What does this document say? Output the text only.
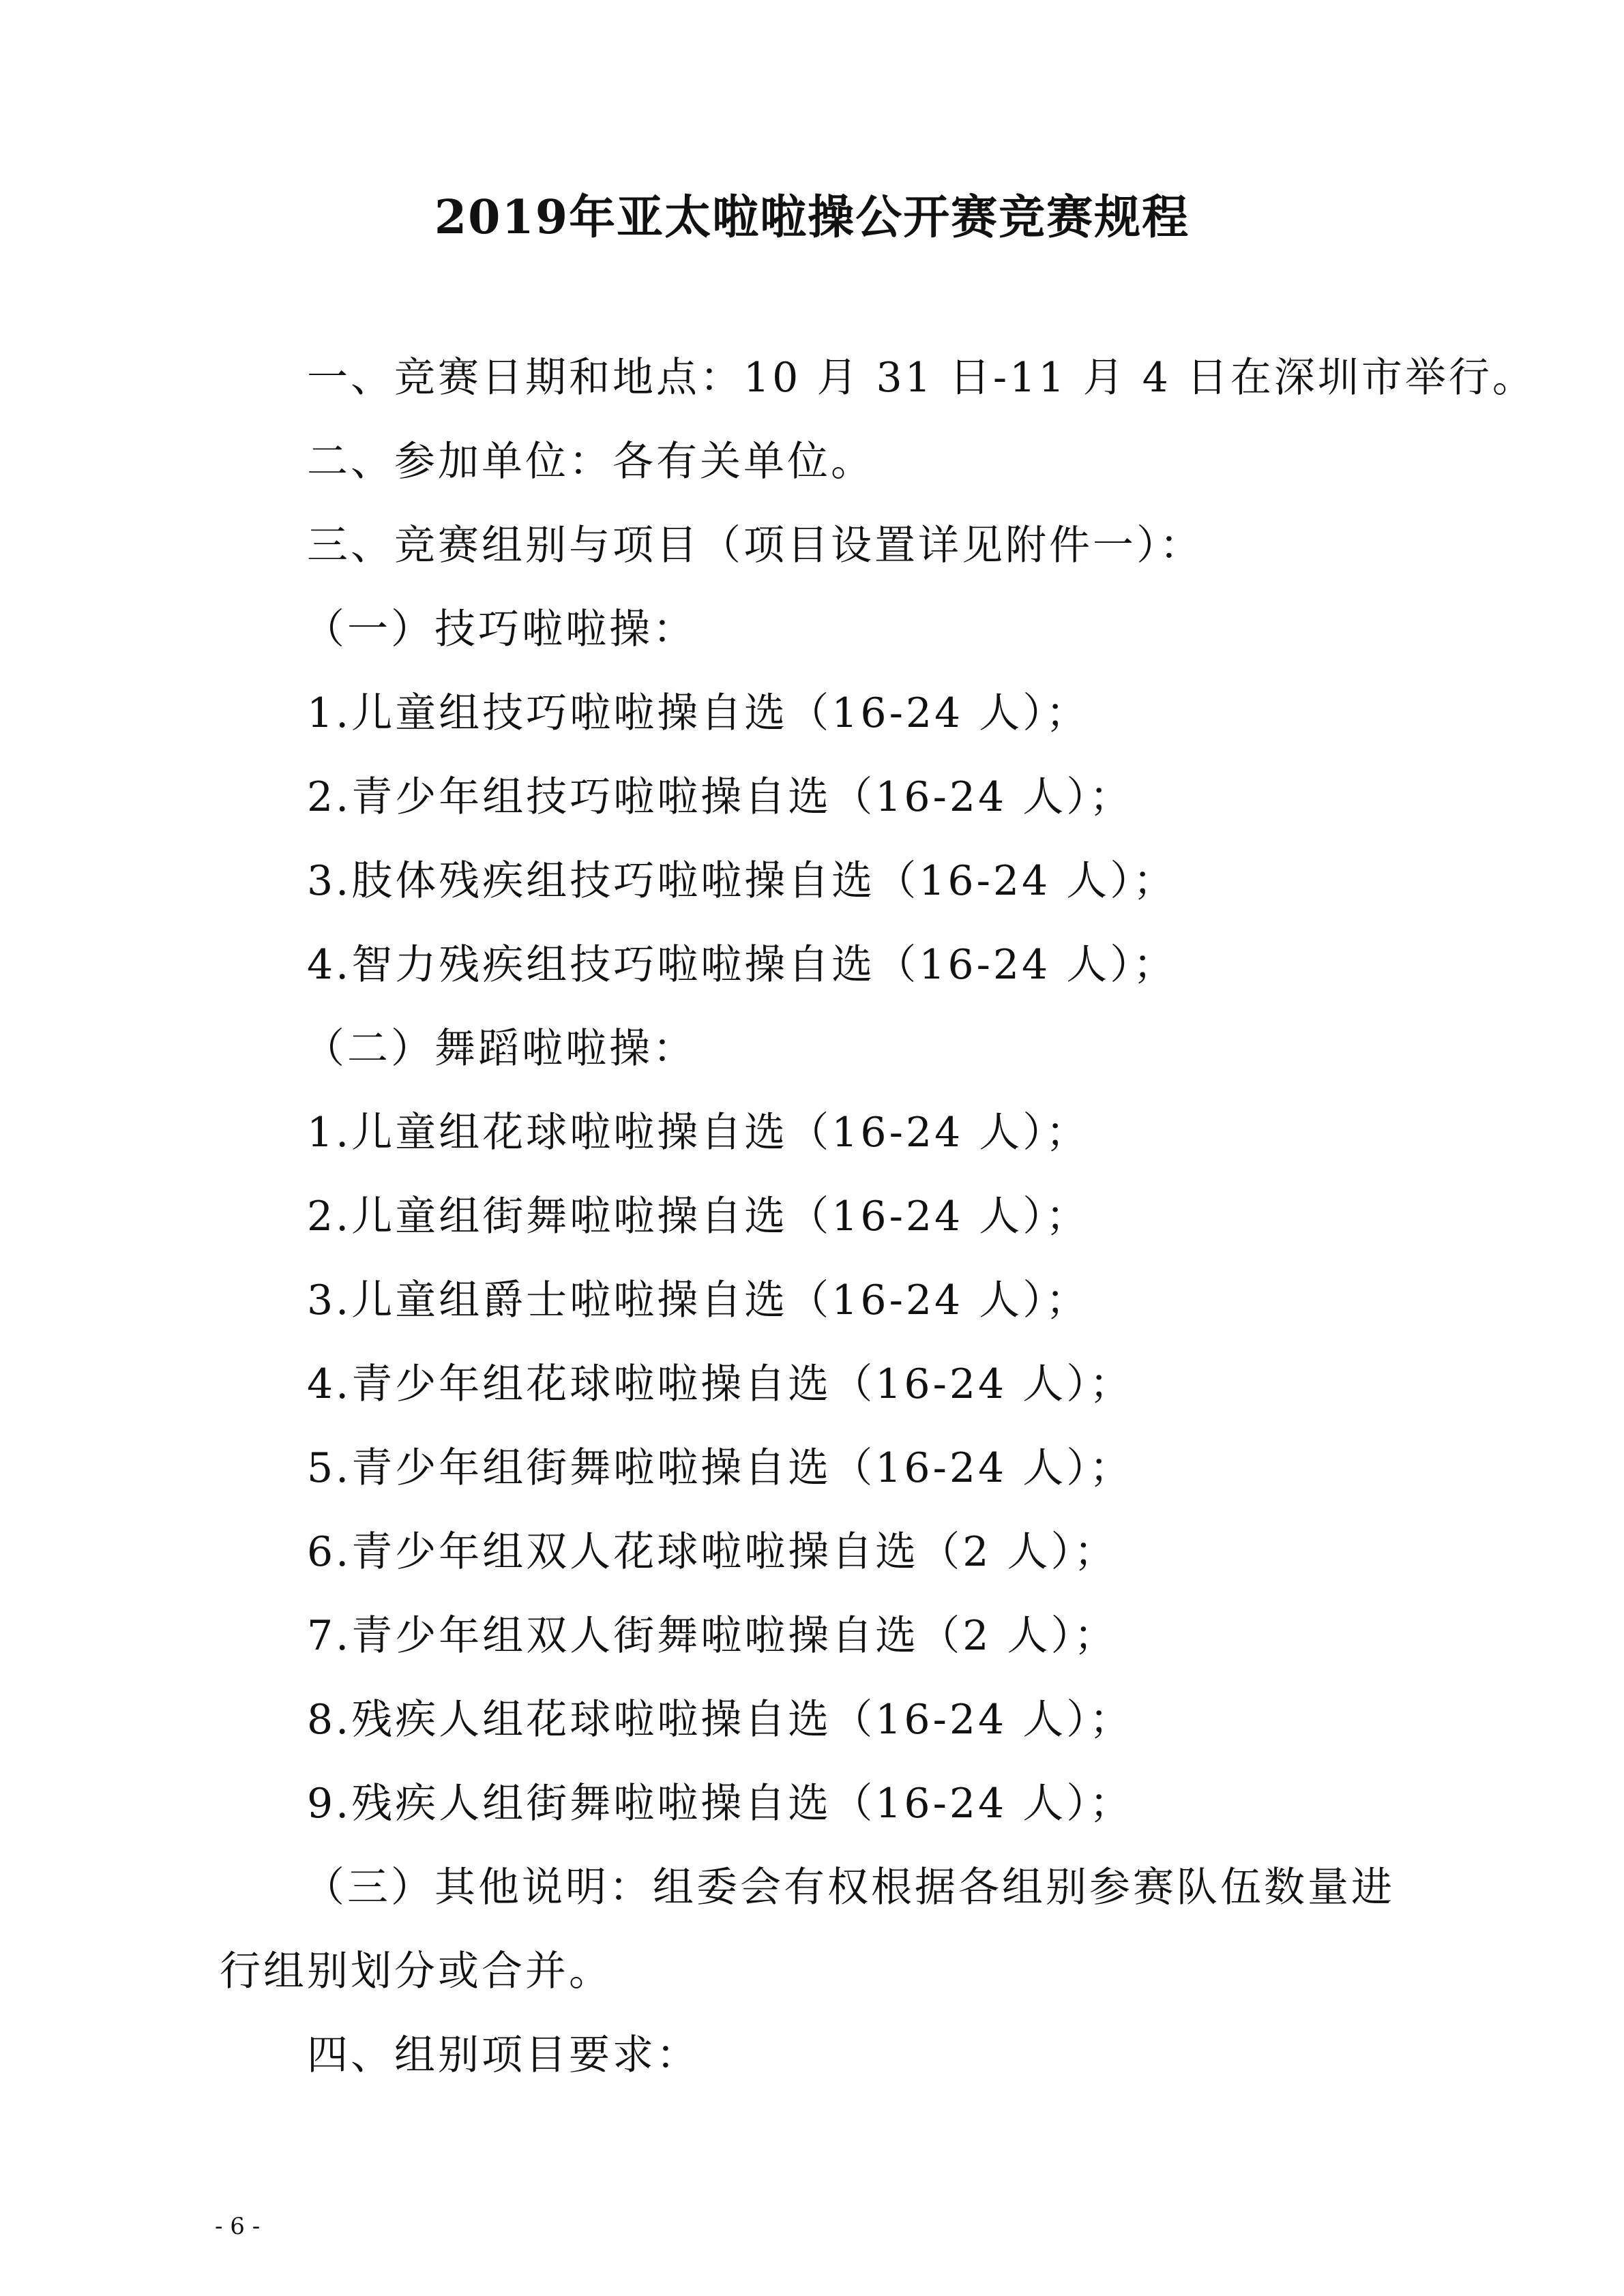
2019年亚太啦啦操公开赛竞赛规程
一、竞赛日期和地点：10 月 31 日-11 月 4 日在深圳市举行。
二、参加单位：各有关单位。
三、竞赛组别与项目（项目设置详见附件一）：
（一）技巧啦啦操：
1.儿童组技巧啦啦操自选（16-24 人）；
2.青少年组技巧啦啦操自选（16-24 人）；
3.肢体残疾组技巧啦啦操自选（16-24 人）；
4.智力残疾组技巧啦啦操自选（16-24 人）；
（二）舞蹈啦啦操：
1.儿童组花球啦啦操自选（16-24 人）；
2.儿童组街舞啦啦操自选（16-24 人）；
3.儿童组爵士啦啦操自选（16-24 人）；
4.青少年组花球啦啦操自选（16-24 人）；
5.青少年组街舞啦啦操自选（16-24 人）；
6.青少年组双人花球啦啦操自选（2 人）；
7.青少年组双人街舞啦啦操自选（2 人）；
8.残疾人组花球啦啦操自选（16-24 人）；
9.残疾人组街舞啦啦操自选（16-24 人）；
（三）其他说明：组委会有权根据各组别参赛队伍数量进
行组别划分或合并。
四、组别项目要求：
- 6 -
